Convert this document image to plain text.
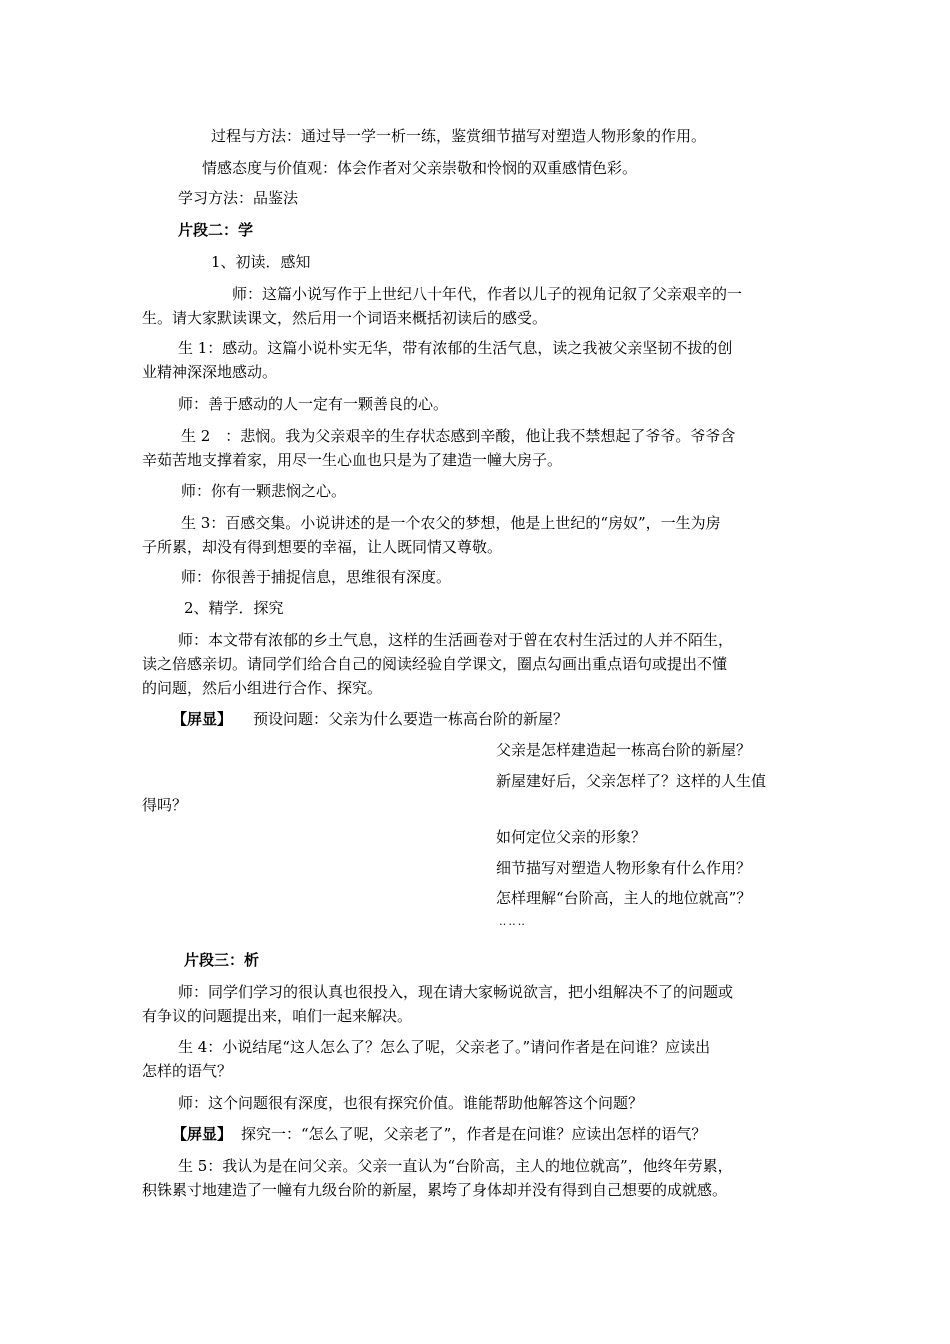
过程与方法：通过导一学一析一练，鉴赏细节描写对塑造人物形象的作用。
情感态度与价值观：体会作者对父亲崇敬和怜悯的双重感情色彩。
学习方法：品鉴法
片段二：学
1、初读．感知
师：这篇小说写作于上世纪八十年代，作者以儿子的视角记叙了父亲艰辛的一
生。请大家默读课文，然后用一个词语来概括初读后的感受。
生 1：感动。这篇小说朴实无华，带有浓郁的生活气息，读之我被父亲坚韧不拔的创
业精神深深地感动。
师：善于感动的人一定有一颗善良的心。
生 2　：悲悯。我为父亲艰辛的生存状态感到辛酸，他让我不禁想起了爷爷。爷爷含
辛茹苦地支撑着家，用尽一生心血也只是为了建造一幢大房子。
师：你有一颗悲悯之心。
生 3：百感交集。小说讲述的是一个农父的梦想，他是上世纪的“房奴”，一生为房
子所累，却没有得到想要的幸福，让人既同情又尊敬。
师：你很善于捕捉信息，思维很有深度。
2、精学．探究
师：本文带有浓郁的乡土气息，这样的生活画卷对于曾在农村生活过的人并不陌生，
读之倍感亲切。请同学们给合自己的阅读经验自学课文，圈点勾画出重点语句或提出不懂
的问题，然后小组进行合作、探究。
【屏显】 预设问题：父亲为什么要造一栋高台阶的新屋？
父亲是怎样建造起一栋高台阶的新屋？
新屋建好后，父亲怎样了？这样的人生值
得吗？
如何定位父亲的形象？
细节描写对塑造人物形象有什么作用？
怎样理解“台阶高，主人的地位就高”？
‥‥‥
片段三：析
师：同学们学习的很认真也很投入，现在请大家畅说欲言，把小组解决不了的问题或
有争议的问题提出来，咱们一起来解决。
生 4：小说结尾“这人怎么了？怎么了呢，父亲老了。”请问作者是在问谁？应读出
怎样的语气？
师：这个问题很有深度，也很有探究价值。谁能帮助他解答这个问题？
【屏显】 探究一：“怎么了呢，父亲老了”，作者是在问谁？应读出怎样的语气？
生 5：我认为是在问父亲。父亲一直认为“台阶高，主人的地位就高”，他终年劳累，
积铢累寸地建造了一幢有九级台阶的新屋，累垮了身体却并没有得到自己想要的成就感。
